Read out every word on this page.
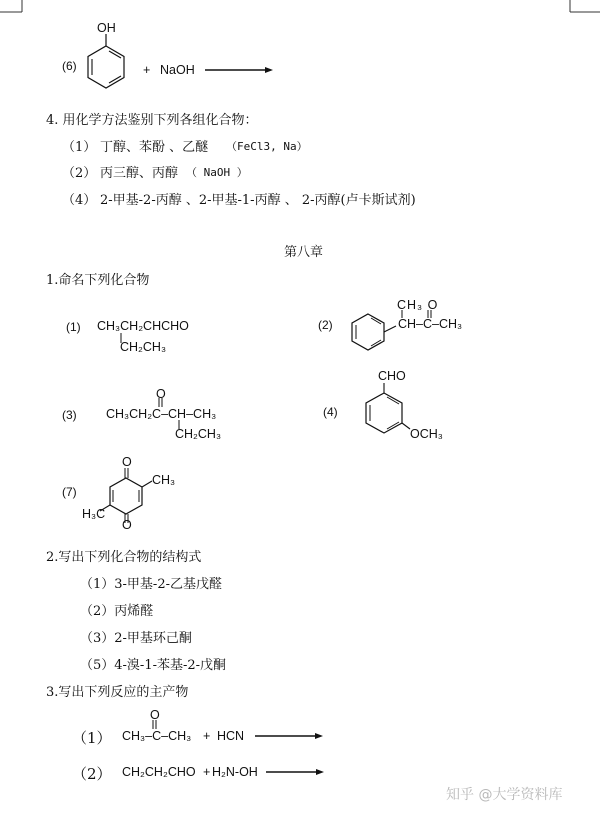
(6)
OH
+ NaOH
4. 用化学方法鉴别下列各组化合物：
（1） 丁醇、苯酚 、乙醚 （FeCl3, Na）
（2） 丙三醇、丙醇 （ NaOH ）
（4） 2-甲基-2-丙醇 、2-甲基-1-丙醇 、 2-丙醇(卢卡斯试剂)
第八章
1.命名下列化合物
(1) CH₃CH₂CHCHO
CH₂CH₃
(2)
CH₃ O
CH–C–CH₃
(3)
O
CH₃CH₂C–CH–CH₃
CH₂CH₃
(4)
CHO
OCH₃
(7)
O
O
CH₃
H₃C
2.写出下列化合物的结构式
（1）3-甲基-2-乙基戊醛
（2）丙烯醛
（3）2-甲基环己酮
（5）4-溴-1-苯基-2-戊酮
3.写出下列反应的主产物
（1）
O
CH₃–C–CH₃ + HCN
（2） CH₂CH₂CHO + H₂N-OH
知乎 @大学资料库
